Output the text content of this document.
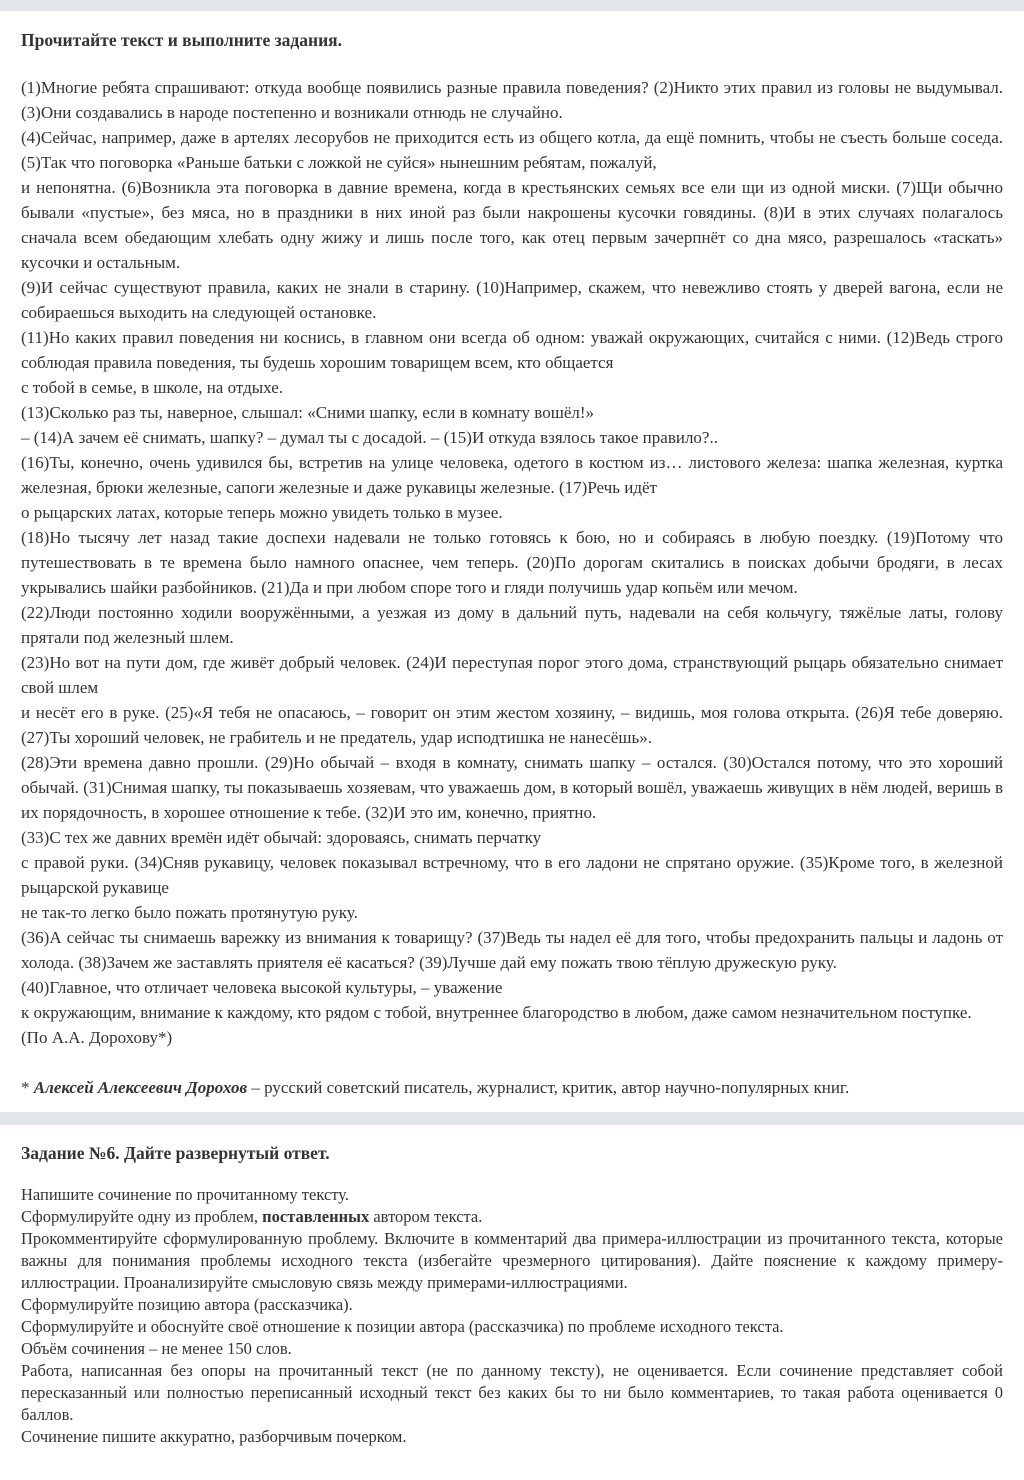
Прочитайте текст и выполните задания.

(1)Многие ребята спрашивают: откуда вообще появились разные правила поведения? (2)Никто этих правил из головы не выдумывал. (3)Они создавались в народе постепенно и возникали отнюдь не случайно.

(4)Сейчас, например, даже в артелях лесорубов не приходится есть из общего котла, да ещё помнить, чтобы не съесть больше соседа. (5)Так что поговорка «Раньше батьки с ложкой не суйся» нынешним ребятам, пожалуй,

и непонятна. (6)Возникла эта поговорка в давние времена, когда в крестьянских семьях все ели щи из одной миски. (7)Щи обычно бывали «пустые», без мяса, но в праздники в них иной раз были накрошены кусочки говядины. (8)И в этих случаях полагалось сначала всем обедающим хлебать одну жижу и лишь после того, как отец первым зачерпнёт со дна мясо, разрешалось «таскать» кусочки и остальным.

(9)И сейчас существуют правила, каких не знали в старину. (10)Например, скажем, что невежливо стоять у дверей вагона, если не собираешься выходить на следующей остановке.

(11)Но каких правил поведения ни коснись, в главном они всегда об одном: уважай окружающих, считайся с ними. (12)Ведь строго соблюдая правила поведения, ты будешь хорошим товарищем всем, кто общается

с тобой в семье, в школе, на отдыхе.

(13)Сколько раз ты, наверное, слышал: «Сними шапку, если в комнату вошёл!»

– (14)А зачем её снимать, шапку? – думал ты с досадой. – (15)И откуда взялось такое правило?..

(16)Ты, конечно, очень удивился бы, встретив на улице человека, одетого в костюм из… листового железа: шапка железная, куртка железная, брюки железные, сапоги железные и даже рукавицы железные. (17)Речь идёт

о рыцарских латах, которые теперь можно увидеть только в музее.

(18)Но тысячу лет назад такие доспехи надевали не только готовясь к бою, но и собираясь в любую поездку. (19)Потому что путешествовать в те времена было намного опаснее, чем теперь. (20)По дорогам скитались в поисках добычи бродяги, в лесах укрывались шайки разбойников. (21)Да и при любом споре того и гляди получишь удар копьём или мечом.

(22)Люди постоянно ходили вооружёнными, а уезжая из дому в дальний путь, надевали на себя кольчугу, тяжёлые латы, голову прятали под железный шлем.

(23)Но вот на пути дом, где живёт добрый человек. (24)И переступая порог этого дома, странствующий рыцарь обязательно снимает свой шлем

и несёт его в руке. (25)«Я тебя не опасаюсь, – говорит он этим жестом хозяину, – видишь, моя голова открыта. (26)Я тебе доверяю. (27)Ты хороший человек, не грабитель и не предатель, удар исподтишка не нанесёшь».

(28)Эти времена давно прошли. (29)Но обычай – входя в комнату, снимать шапку – остался. (30)Остался потому, что это хороший обычай. (31)Снимая шапку, ты показываешь хозяевам, что уважаешь дом, в который вошёл, уважаешь живущих в нём людей, веришь в их порядочность, в хорошее отношение к тебе. (32)И это им, конечно, приятно.

(33)С тех же давних времён идёт обычай: здороваясь, снимать перчатку

с правой руки. (34)Сняв рукавицу, человек показывал встречному, что в его ладони не спрятано оружие. (35)Кроме того, в железной рыцарской рукавице

не так-то легко было пожать протянутую руку.

(36)А сейчас ты снимаешь варежку из внимания к товарищу? (37)Ведь ты надел её для того, чтобы предохранить пальцы и ладонь от холода. (38)Зачем же заставлять приятеля её касаться? (39)Лучше дай ему пожать твою тёплую дружескую руку.

(40)Главное, что отличает человека высокой культуры, – уважение

к окружающим, внимание к каждому, кто рядом с тобой, внутреннее благородство в любом, даже самом незначительном поступке.

(По А.А. Дорохову*)

* Алексей Алексеевич Дорохов – русский советский писатель, журналист, критик, автор научно-популярных книг.

Задание №6. Дайте развернутый ответ.

Напишите сочинение по прочитанному тексту.

Сформулируйте одну из проблем, поставленных автором текста.

Прокомментируйте сформулированную проблему. Включите в комментарий два примера-иллюстрации из прочитанного текста, которые важны для понимания проблемы исходного текста (избегайте чрезмерного цитирования). Дайте пояснение к каждому примеру-иллюстрации. Проанализируйте смысловую связь между примерами-иллюстрациями.

Сформулируйте позицию автора (рассказчика).

Сформулируйте и обоснуйте своё отношение к позиции автора (рассказчика) по проблеме исходного текста.

Объём сочинения – не менее 150 слов.

Работа, написанная без опоры на прочитанный текст (не по данному тексту), не оценивается. Если сочинение представляет собой пересказанный или полностью переписанный исходный текст без каких бы то ни было комментариев, то такая работа оценивается 0 баллов.

Сочинение пишите аккуратно, разборчивым почерком.
